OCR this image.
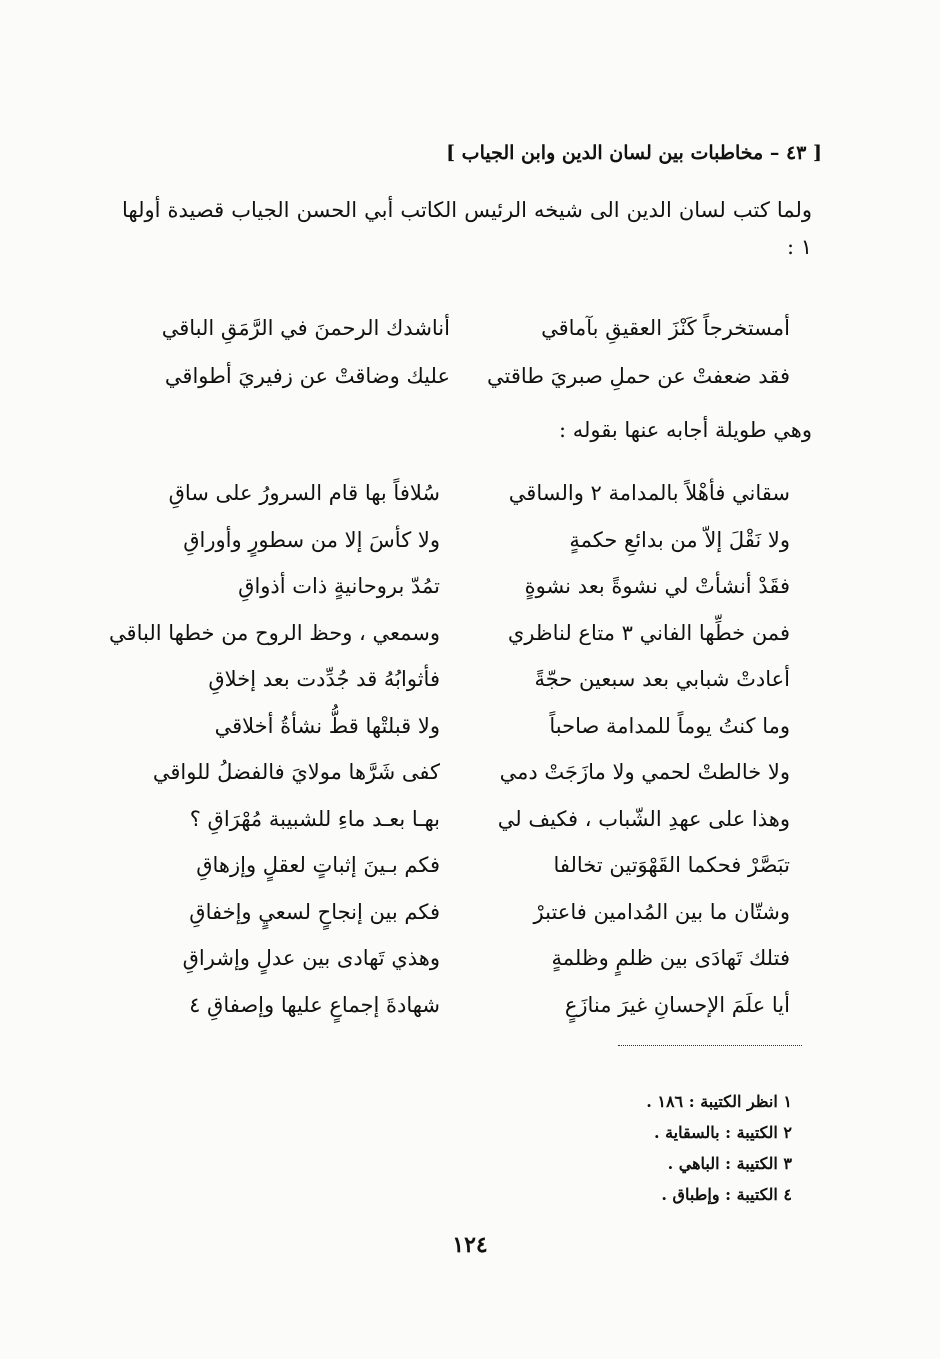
[ ٤٣ – مخاطبات بين لسان الدين وابن الجياب ]
ولما كتب لسان الدين الى شيخه الرئيس الكاتب أبي الحسن الجياب قصيدة أولها ١ :
أمستخرجاً كَنْزَ العقيقِ بآماقي
أناشدك الرحمنَ في الرَّمَقِ الباقي
فقد ضعفتْ عن حملِ صبريَ طاقتي
عليك وضاقتْ عن زفيريَ أطواقي
وهي طويلة أجابه عنها بقوله :
سقاني فأهْلاً بالمدامة ٢ والساقي
سُلافاً بها قام السرورُ على ساقِ
ولا نَقْلَ إلاّ من بدائعِ حكمةٍ
ولا كأسَ إلا من سطورٍ وأوراقِ
فقَدْ أنشأتْ لي نشوةً بعد نشوةٍ
تمُدّ بروحانيةٍ ذات أذواقِ
فمن خطِّها الفاني ٣ متاع لناظري
وسمعي ، وحظ الروح من خطها الباقي
أعادتْ شبابي بعد سبعين حجّةً
فأثوابُهُ قد جُدِّدت بعد إخلاقِ
وما كنتُ يوماً للمدامة صاحباً
ولا قبلتْها قطُّ نشأةُ أخلاقي
ولا خالطتْ لحمي ولا مازَجَتْ دمي
كفى شَرَّها مولايَ فالفضلُ للواقي
وهذا على عهدِ الشّباب ، فكيف لي
بهـا بعـد ماءِ للشبيبة مُهْرَاقِ ؟
تبَصَّرْ فحكما القَهْوَتين تخالفا
فكم بـينَ إثباتٍ لعقلٍ وإزهاقِ
وشتّان ما بين المُدامين فاعتبرْ
فكم بين إنجاحٍ لسعيٍ وإخفاقِ
فتلك تَهادَى بين ظلمٍ وظلمةٍ
وهذي تَهادى بين عدلٍ وإشراقِ
أيا علَمَ الإحسانِ غيرَ منازَعٍ
شهادةَ إجماعٍ عليها وإصفاقِ ٤
١ انظر الكتيبة : ١٨٦ .
٢ الكتيبة : بالسقاية .
٣ الكتيبة : الباهي .
٤ الكتيبة : وإطباق .
١٢٤
